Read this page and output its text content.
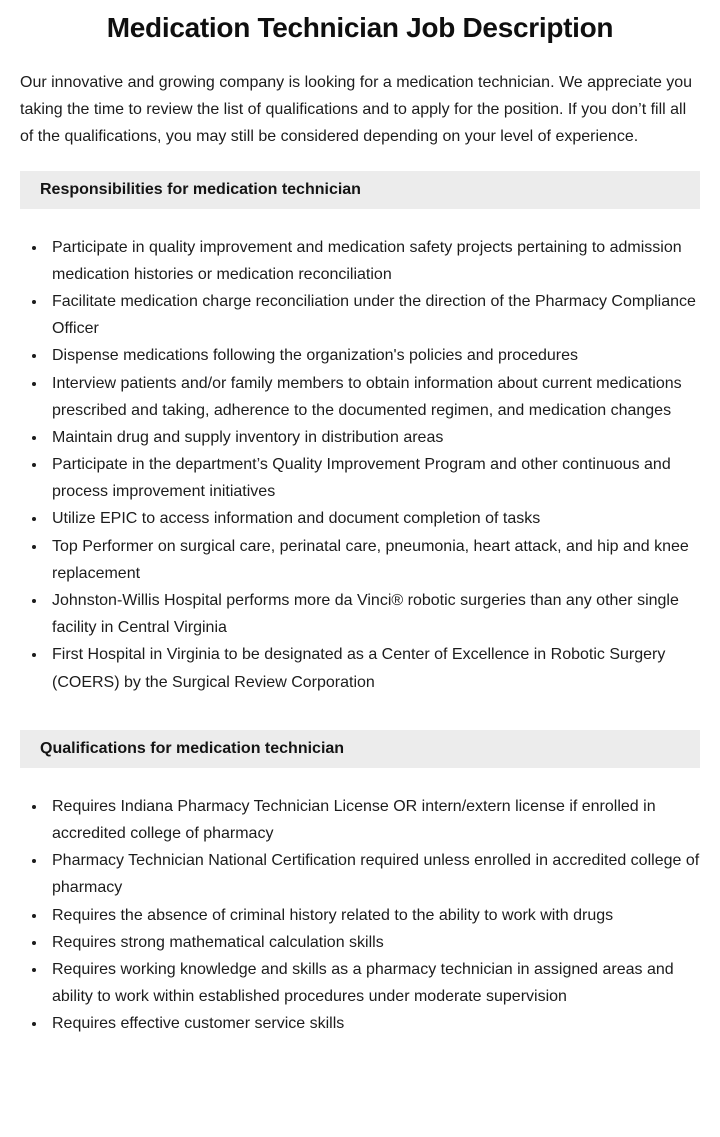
Medication Technician Job Description

Our innovative and growing company is looking for a medication technician. We appreciate you taking the time to review the list of qualifications and to apply for the position. If you don’t fill all of the qualifications, you may still be considered depending on your level of experience.

Responsibilities for medication technician
• Participate in quality improvement and medication safety projects pertaining to admission medication histories or medication reconciliation
• Facilitate medication charge reconciliation under the direction of the Pharmacy Compliance Officer
• Dispense medications following the organization's policies and procedures
• Interview patients and/or family members to obtain information about current medications prescribed and taking, adherence to the documented regimen, and medication changes
• Maintain drug and supply inventory in distribution areas
• Participate in the department’s Quality Improvement Program and other continuous and process improvement initiatives
• Utilize EPIC to access information and document completion of tasks
• Top Performer on surgical care, perinatal care, pneumonia, heart attack, and hip and knee replacement
• Johnston-Willis Hospital performs more da Vinci® robotic surgeries than any other single facility in Central Virginia
• First Hospital in Virginia to be designated as a Center of Excellence in Robotic Surgery (COERS) by the Surgical Review Corporation
Qualifications for medication technician
• Requires Indiana Pharmacy Technician License OR intern/extern license if enrolled in accredited college of pharmacy
• Pharmacy Technician National Certification required unless enrolled in accredited college of pharmacy
• Requires the absence of criminal history related to the ability to work with drugs
• Requires strong mathematical calculation skills
• Requires working knowledge and skills as a pharmacy technician in assigned areas and ability to work within established procedures under moderate supervision
• Requires effective customer service skills
